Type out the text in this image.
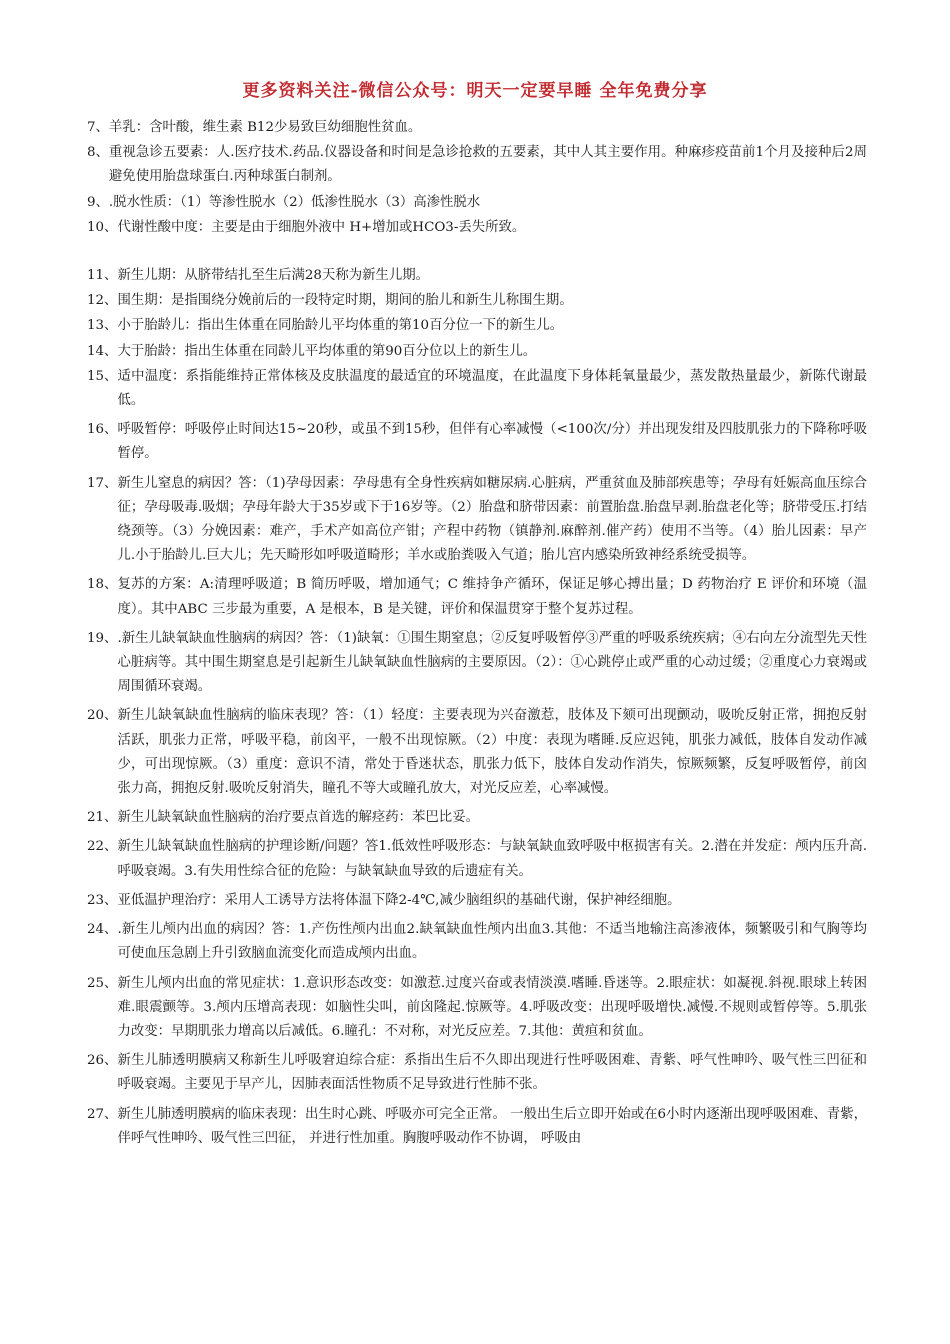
更多资料关注-微信公众号：明天一定要早睡 全年免费分享
7、 羊乳：含叶酸，维生素 B12少易致巨幼细胞性贫血。
8、 重视急诊五要素：人.医疗技术.药品.仪器设备和时间是急诊抢救的五要素，其中人其主要作用。种麻疹疫苗前1个月及接种后2周避免使用胎盘球蛋白.丙种球蛋白制剂。
9、 .脱水性质：（1）等渗性脱水（2）低渗性脱水（3）高渗性脱水
10、 代谢性酸中度：主要是由于细胞外液中 H+增加或HCO3-丢失所致。
11、 新生儿期：从脐带结扎至生后满28天称为新生儿期。
12、 围生期：是指围绕分娩前后的一段特定时期，期间的胎儿和新生儿称围生期。
13、 小于胎龄儿：指出生体重在同胎龄儿平均体重的第10百分位一下的新生儿。
14、 大于胎龄：指出生体重在同龄儿平均体重的第90百分位以上的新生儿。
15、 适中温度：系指能维持正常体核及皮肤温度的最适宜的环境温度，在此温度下身体耗氧量最少，蒸发散热量最少，新陈代谢最低。
16、 呼吸暂停：呼吸停止时间达15~20秒，或虽不到15秒，但伴有心率减慢（<100次/分）并出现发绀及四肢肌张力的下降称呼吸暂停。
17、 新生儿窒息的病因？答：（1)孕母因素：孕母患有全身性疾病如糖尿病.心脏病，严重贫血及肺部疾患等；孕母有妊娠高血压综合征；孕母吸毒.吸烟；孕母年龄大于35岁或下于16岁等。（2）胎盘和脐带因素：前置胎盘.胎盘早剥.胎盘老化等；脐带受压.打结绕颈等。（3）分娩因素：难产，手术产如高位产钳；产程中药物（镇静剂.麻醉剂.催产药）使用不当等。（4）胎儿因素：早产儿.小于胎龄儿.巨大儿；先天畸形如呼吸道畸形；羊水或胎粪吸入气道；胎儿宫内感染所致神经系统受损等。
18、 复苏的方案：A:清理呼吸道；B 简历呼吸，增加通气；C 维持争产循环，保证足够心搏出量；D 药物治疗 E 评价和环境（温度）。其中ABC 三步最为重要，A 是根本，B 是关键，评价和保温贯穿于整个复苏过程。
19、 .新生儿缺氧缺血性脑病的病因？答：（1)缺氧：①围生期窒息；②反复呼吸暂停③严重的呼吸系统疾病；④右向左分流型先天性心脏病等。其中围生期窒息是引起新生儿缺氧缺血性脑病的主要原因。（2）：①心跳停止或严重的心动过缓；②重度心力衰竭或周围循环衰竭。
20、 新生儿缺氧缺血性脑病的临床表现？答：（1）轻度：主要表现为兴奋激惹，肢体及下颏可出现颤动，吸吮反射正常，拥抱反射活跃，肌张力正常，呼吸平稳，前囟平，一般不出现惊厥。（2）中度：表现为嗜睡.反应迟钝，肌张力减低，肢体自发动作减少，可出现惊厥。（3）重度：意识不清，常处于昏迷状态，肌张力低下，肢体自发动作消失，惊厥频繁，反复呼吸暂停，前囟张力高，拥抱反射.吸吮反射消失，瞳孔不等大或瞳孔放大，对光反应差，心率减慢。
21、 新生儿缺氧缺血性脑病的治疗要点首选的解痉药：苯巴比妥。
22、 新生儿缺氧缺血性脑病的护理诊断/问题？答1.低效性呼吸形态：与缺氧缺血致呼吸中枢损害有关。2.潜在并发症：颅内压升高.呼吸衰竭。3.有失用性综合征的危险：与缺氧缺血导致的后遗症有关。
23、 亚低温护理治疗：采用人工诱导方法将体温下降2-4℃,减少脑组织的基础代谢，保护神经细胞。
24、 .新生儿颅内出血的病因？答：1.产伤性颅内出血2.缺氧缺血性颅内出血3.其他：不适当地输注高渗液体，频繁吸引和气胸等均可使血压急剧上升引致脑血流变化而造成颅内出血。
25、 新生儿颅内出血的常见症状：1.意识形态改变：如激惹.过度兴奋或表情淡漠.嗜睡.昏迷等。2.眼症状：如凝视.斜视.眼球上转困难.眼震颤等。3.颅内压增高表现：如脑性尖叫，前囟隆起.惊厥等。4.呼吸改变：出现呼吸增快.减慢.不规则或暂停等。5.肌张力改变：早期肌张力增高以后减低。6.瞳孔：不对称，对光反应差。7.其他：黄疸和贫血。
26、 新生儿肺透明膜病又称新生儿呼吸窘迫综合症：系指出生后不久即出现进行性呼吸困难、青紫、呼气性呻吟、吸气性三凹征和呼吸衰竭。主要见于早产儿，因肺表面活性物质不足导致进行性肺不张。
27、 新生儿肺透明膜病的临床表现：出生时心跳、呼吸亦可完全正常。 一般出生后立即开始或在6小时内逐渐出现呼吸困难、青紫， 伴呼气性呻吟、吸气性三凹征， 并进行性加重。胸腹呼吸动作不协调， 呼吸由
